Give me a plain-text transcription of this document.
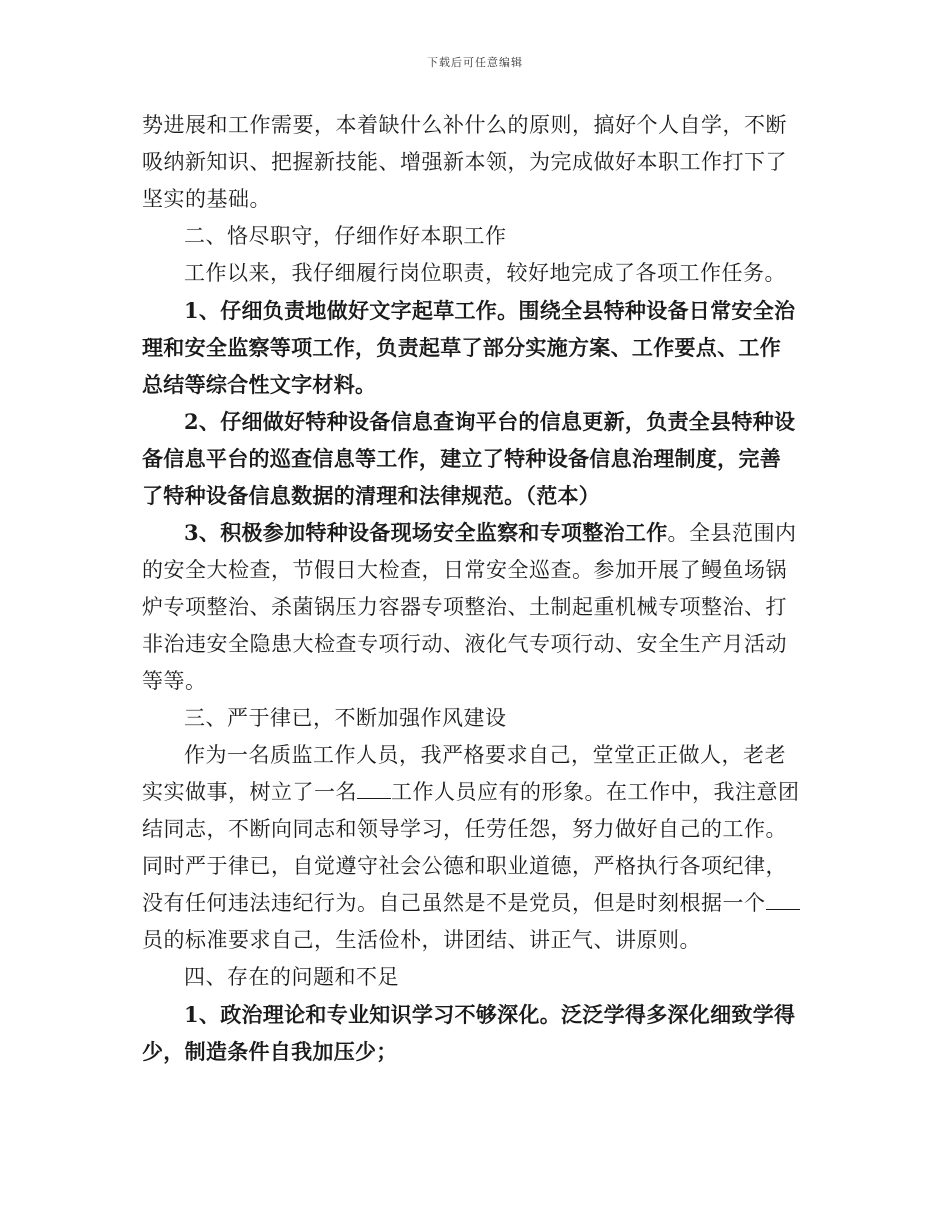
下载后可任意编辑

势进展和工作需要，本着缺什么补什么的原则，搞好个人自学，不断

吸纳新知识、把握新技能、增强新本领，为完成做好本职工作打下了

坚实的基础。

二、恪尽职守，仔细作好本职工作

工作以来，我仔细履行岗位职责，较好地完成了各项工作任务。

1、仔细负责地做好文字起草工作。围绕全县特种设备日常安全治

理和安全监察等项工作，负责起草了部分实施方案、工作要点、工作

总结等综合性文字材料。

2、仔细做好特种设备信息查询平台的信息更新，负责全县特种设

备信息平台的巡查信息等工作，建立了特种设备信息治理制度，完善

了特种设备信息数据的清理和法律规范。（范本）

3、积极参加特种设备现场安全监察和专项整治工作。全县范围内

的安全大检查，节假日大检查，日常安全巡查。参加开展了鳗鱼场锅

炉专项整治、杀菌锅压力容器专项整治、土制起重机械专项整治、打

非治违安全隐患大检查专项行动、液化气专项行动、安全生产月活动

等等。

三、严于律已，不断加强作风建设

作为一名质监工作人员，我严格要求自己，堂堂正正做人，老老

实实做事，树立了一名 工作人员应有的形象。在工作中，我注意团

结同志，不断向同志和领导学习，任劳任怨，努力做好自己的工作。

同时严于律已，自觉遵守社会公德和职业道德，严格执行各项纪律，

没有任何违法违纪行为。自己虽然是不是党员，但是时刻根据一个

员的标准要求自己，生活俭朴，讲团结、讲正气、讲原则。

四、存在的问题和不足

1、政治理论和专业知识学习不够深化。泛泛学得多深化细致学得

少，制造条件自我加压少；
